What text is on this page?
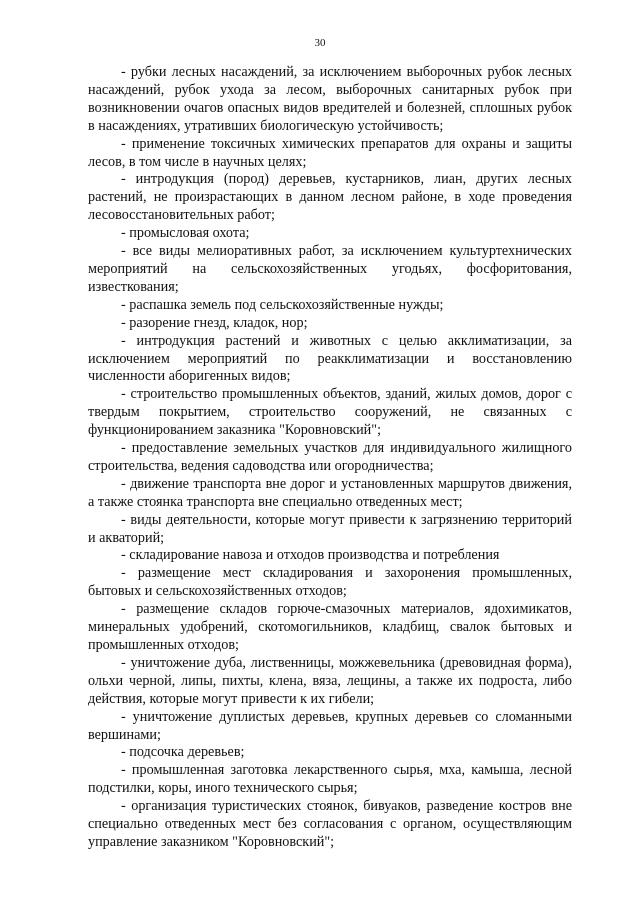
30

- рубки лесных насаждений, за исключением выборочных рубок лесных насаждений, рубок ухода за лесом, выборочных санитарных рубок при возникновении очагов опасных видов вредителей и болезней, сплошных рубок в насаждениях, утративших биологическую устойчивость;

- применение токсичных химических препаратов для охраны и защиты лесов, в том числе в научных целях;

- интродукция (пород) деревьев, кустарников, лиан, других лесных растений, не произрастающих в данном лесном районе, в ходе проведения лесовосстановительных работ;

- промысловая охота;

- все виды мелиоративных работ, за исключением культуртехнических мероприятий на сельскохозяйственных угодьях, фосфоритования, известкования;

- распашка земель под сельскохозяйственные нужды;

- разорение гнезд, кладок, нор;

- интродукция растений и животных с целью акклиматизации, за исключением мероприятий по реакклиматизации и восстановлению численности аборигенных видов;

- строительство промышленных объектов, зданий, жилых домов, дорог с твердым покрытием, строительство сооружений, не связанных с функционированием заказника "Коровновский";

- предоставление земельных участков для индивидуального жилищного строительства, ведения садоводства или огородничества;

- движение транспорта вне дорог и установленных маршрутов движения, а также стоянка транспорта вне специально отведенных мест;

- виды деятельности, которые могут привести к загрязнению территорий и акваторий;

- складирование навоза и отходов производства и потребления

- размещение мест складирования и захоронения промышленных, бытовых и сельскохозяйственных отходов;

- размещение складов горюче-смазочных материалов, ядохимикатов, минеральных удобрений, скотомогильников, кладбищ, свалок бытовых и промышленных отходов;

- уничтожение дуба, лиственницы, можжевельника (древовидная форма), ольхи черной, липы, пихты, клена, вяза, лещины, а также их подроста, либо действия, которые могут привести к их гибели;

- уничтожение дуплистых деревьев, крупных деревьев со сломанными вершинами;

- подсочка деревьев;

- промышленная заготовка лекарственного сырья, мха, камыша, лесной подстилки, коры, иного технического сырья;

- организация туристических стоянок, бивуаков, разведение костров вне специально отведенных мест без согласования с органом, осуществляющим управление заказником "Коровновский";
